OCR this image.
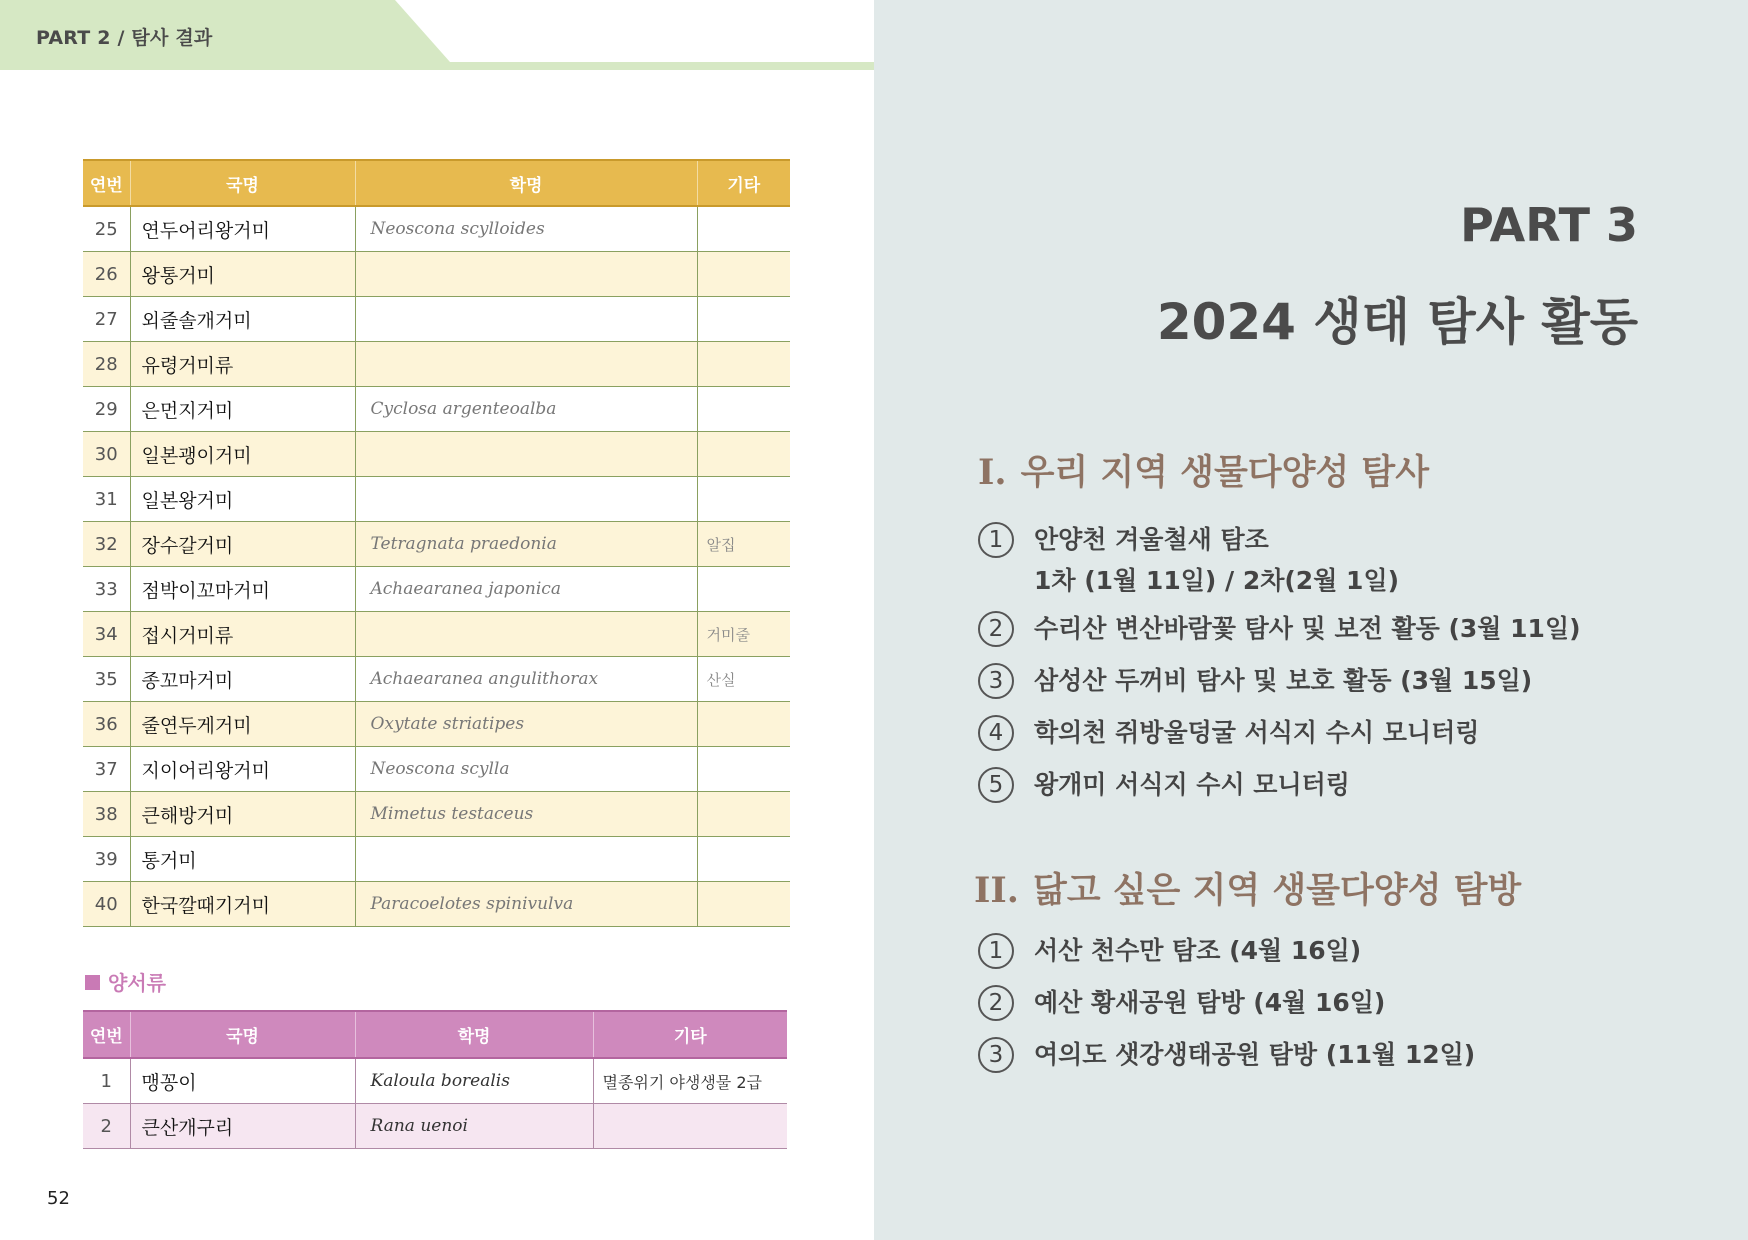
PART 2 / 탐사 결과
연번	국명	학명	기타
25	연두어리왕거미	Neoscona scylloides	
26	왕통거미		
27	외줄솔개거미		
28	유령거미류		
29	은먼지거미	Cyclosa argenteoalba	
30	일본괭이거미		
31	일본왕거미		
32	장수갈거미	Tetragnata praedonia	알집
33	점박이꼬마거미	Achaearanea japonica	
34	접시거미류		거미줄
35	종꼬마거미	Achaearanea angulithorax	산실
36	줄연두게거미	Oxytate striatipes	
37	지이어리왕거미	Neoscona scylla	
38	큰해방거미	Mimetus testaceus	
39	통거미		
40	한국깔때기거미	Paracoelotes spinivulva	
양서류
연번	국명	학명	기타
1	맹꽁이	Kaloula borealis	멸종위기 야생생물 2급
2	큰산개구리	Rana uenoi	
52
PART 3
2024 생태 탐사 활동
I. 우리 지역 생물다양성 탐사
1	안양천 겨울철새 탐조
1차 (1월 11일) / 2차(2월 1일)
2	수리산 변산바람꽃 탐사 및 보전 활동 (3월 11일)
3	삼성산 두꺼비 탐사 및 보호 활동 (3월 15일)
4	학의천 쥐방울덩굴 서식지 수시 모니터링
5	왕개미 서식지 수시 모니터링
II. 닮고 싶은 지역 생물다양성 탐방
1	서산 천수만 탐조 (4월 16일)
2	예산 황새공원 탐방 (4월 16일)
3	여의도 샛강생태공원 탐방 (11월 12일)
